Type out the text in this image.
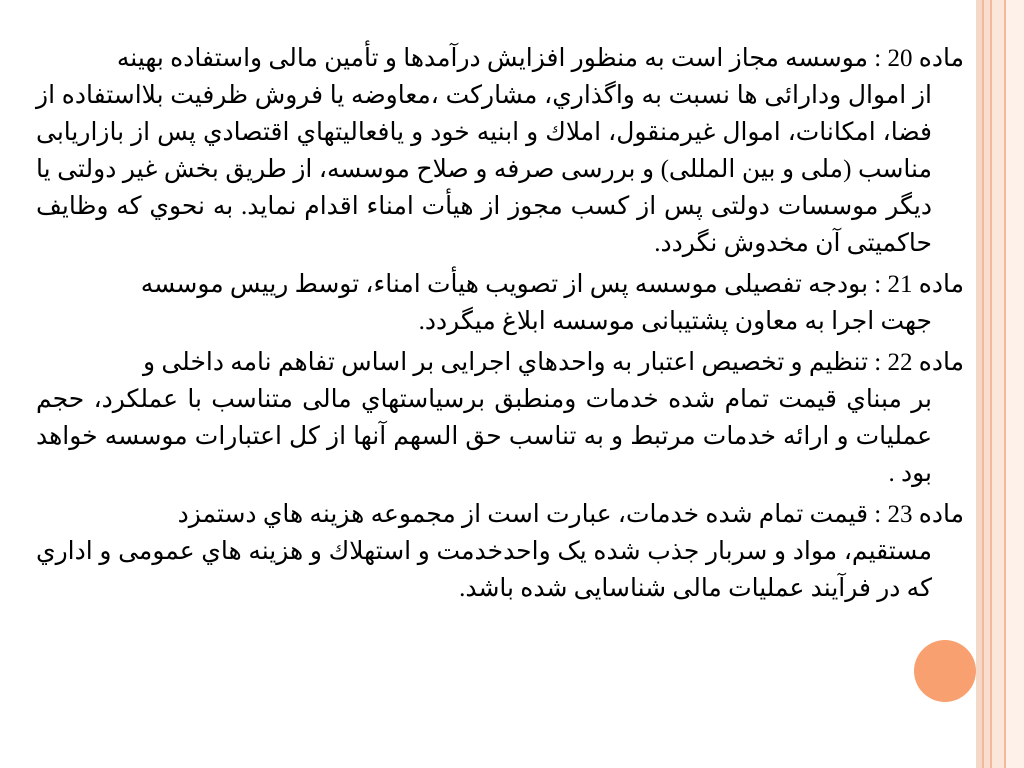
ماده 20 : موسسه مجاز است به منظور افزايش درآمدها و تأمين مالی واستفاده بهينه
از اموال ودارائی ها نسبت به واگذاري، مشاركت ،معاوضه يا فروش ظرفيت بلااستفاده از فضا، امكانات، اموال غيرمنقول، املاك و ابنيه خود و يافعاليتهاي اقتصادي پس از بازاريابی مناسب (ملی و بين المللی) و بررسی صرفه و صلاح موسسه، از طريق بخش غير دولتی يا ديگر موسسات دولتی پس از كسب مجوز از هيأت امناء اقدام نمايد. به نحوي كه وظايف حاكميتی آن مخدوش نگردد.

ماده 21 : بودجه تفصيلی موسسه پس از تصويب هيأت امناء، توسط رييس موسسه
جهت اجرا به معاون پشتيبانی موسسه ابلاغ ميگردد.

ماده 22 : تنظيم و تخصيص اعتبار به واحدهاي اجرايی بر اساس تفاهم نامه داخلی و
بر مبناي قيمت تمام شده خدمات ومنطبق برسياستهاي مالی متناسب با عملكرد، حجم عمليات و ارائه خدمات مرتبط و به تناسب حق السهم آنها از كل اعتبارات موسسه خواهد بود .

ماده 23 : قيمت تمام شده خدمات، عبارت است از مجموعه هزينه هاي دستمزد
مستقيم، مواد و سربار جذب شده يک واحدخدمت و استهلاك و هزينه هاي عمومی و اداري كه در فرآيند عمليات مالی شناسايی شده باشد.
